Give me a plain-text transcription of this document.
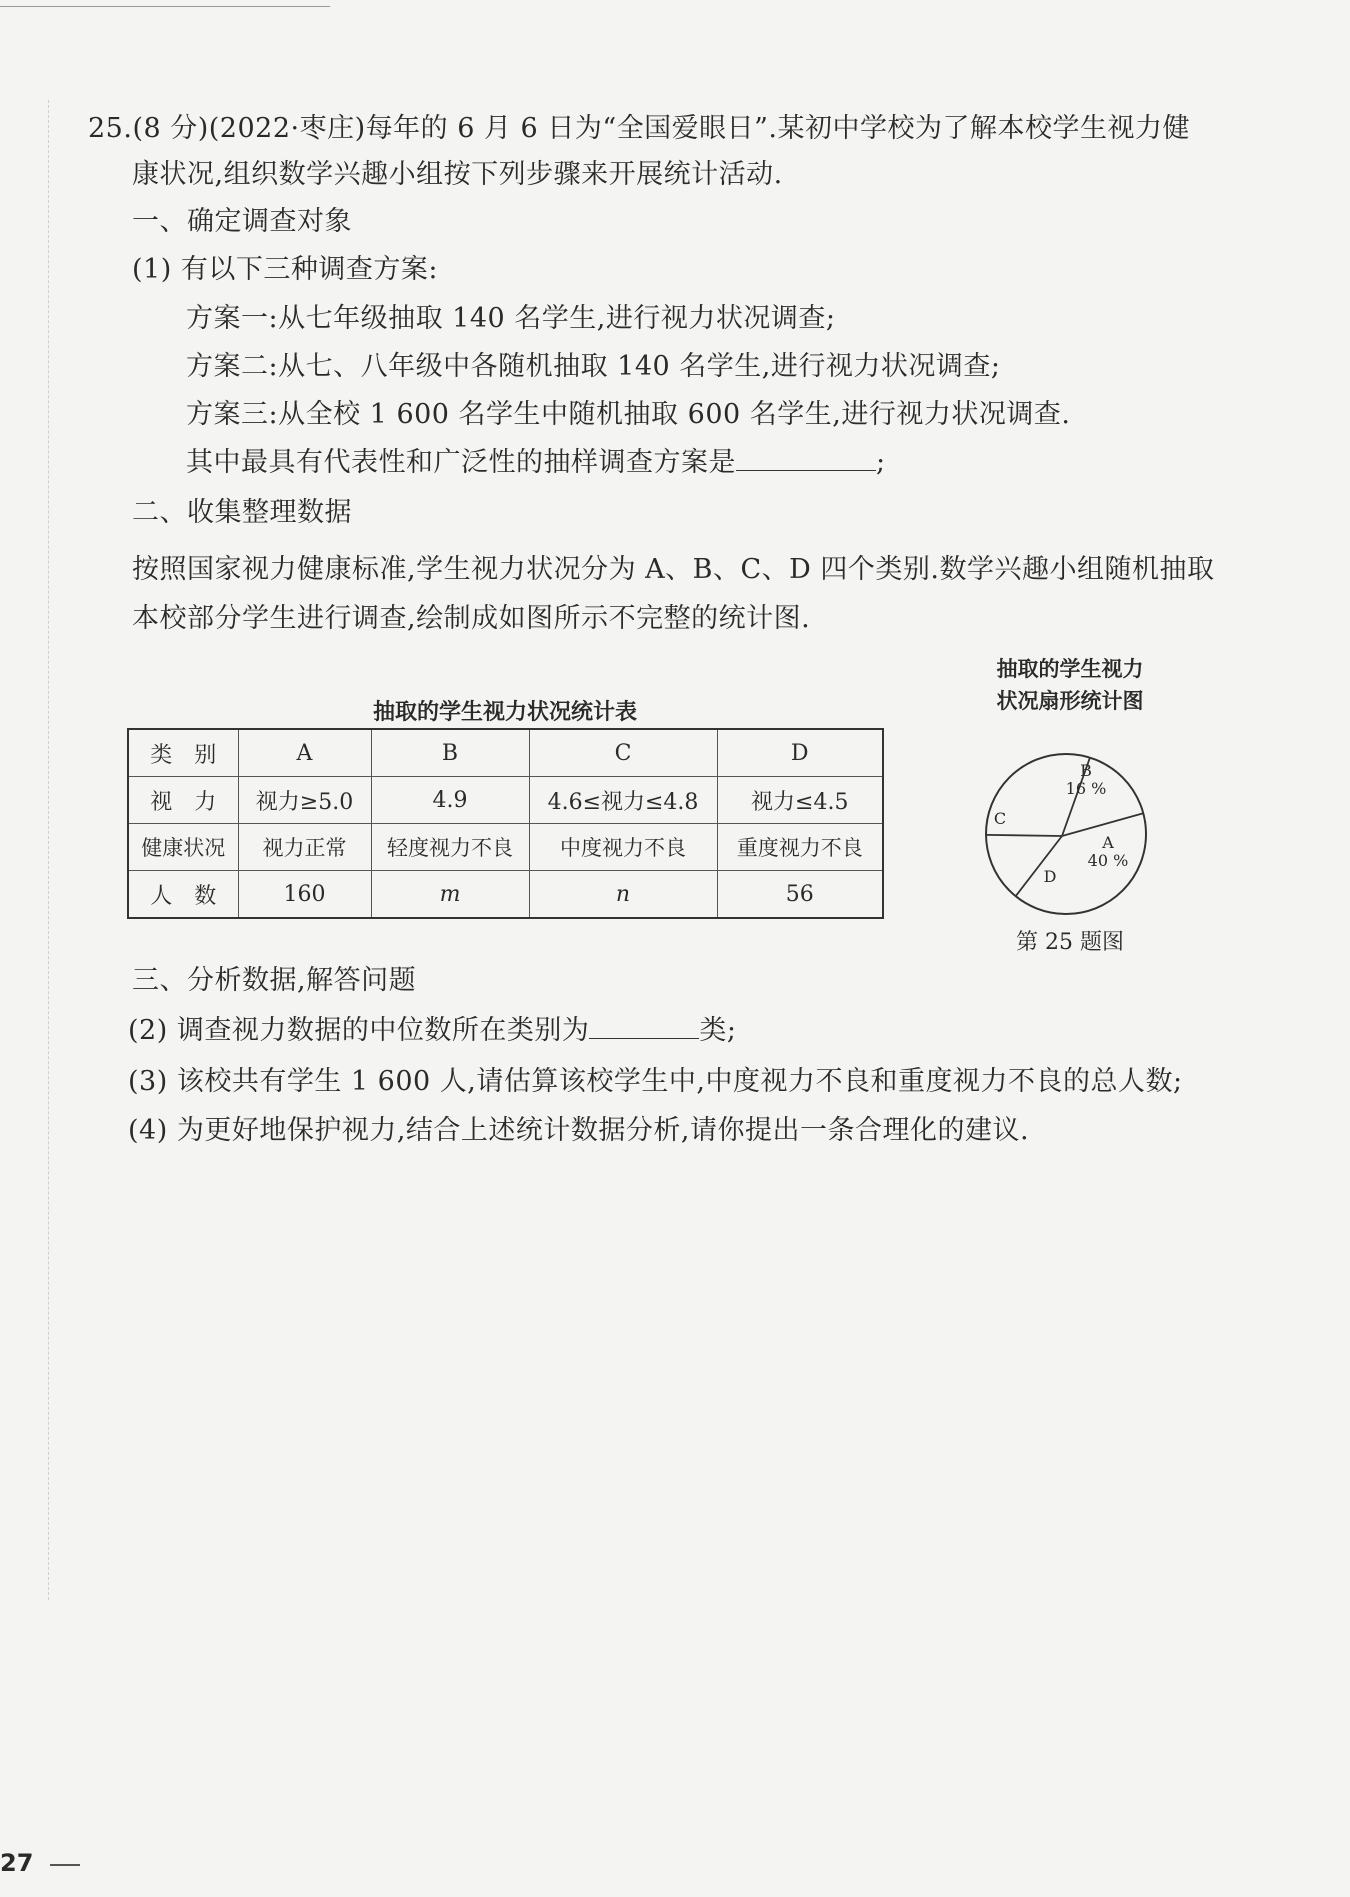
25.(8 分)(2022·枣庄)每年的 6 月 6 日为“全国爱眼日”.某初中学校为了解本校学生视力健
康状况,组织数学兴趣小组按下列步骤来开展统计活动.
一、确定调查对象
(1) 有以下三种调查方案:
方案一:从七年级抽取 140 名学生,进行视力状况调查;
方案二:从七、八年级中各随机抽取 140 名学生,进行视力状况调查;
方案三:从全校 1 600 名学生中随机抽取 600 名学生,进行视力状况调查.
其中最具有代表性和广泛性的抽样调查方案是	;
二、收集整理数据
按照国家视力健康标准,学生视力状况分为 A、B、C、D 四个类别.数学兴趣小组随机抽取
本校部分学生进行调查,绘制成如图所示不完整的统计图.
抽取的学生视力状况统计表
类　别	A	B	C	D
视　力	视力≥5.0	4.9	4.6≤视力≤4.8	视力≤4.5
健康状况	视力正常	轻度视力不良	中度视力不良	重度视力不良
人　数	160	m	n	56
抽取的学生视力
状况扇形统计图
A
40 %
D
C
B
16 %
第 25 题图
三、分析数据,解答问题
(2) 调查视力数据的中位数所在类别为	类;
(3) 该校共有学生 1 600 人,请估算该校学生中,中度视力不良和重度视力不良的总人数;
(4) 为更好地保护视力,结合上述统计数据分析,请你提出一条合理化的建议.
27
